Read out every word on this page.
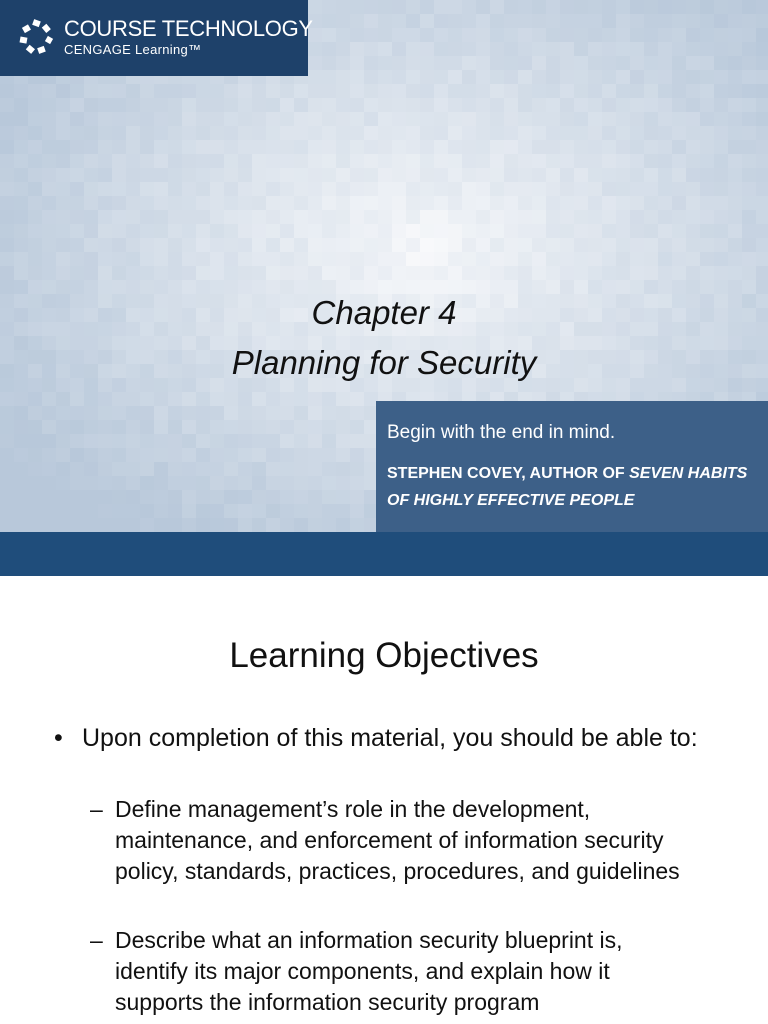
COURSE TECHNOLOGY
CENGAGE Learning™
Chapter 4
Planning for Security
Begin with the end in mind.
STEPHEN COVEY, AUTHOR OF SEVEN HABITS OF HIGHLY EFFECTIVE PEOPLE
Learning Objectives
• Upon completion of this material, you should be able to:
– Define management’s role in the development, maintenance, and enforcement of information security policy, standards, practices, procedures, and guidelines
– Describe what an information security blueprint is, identify its major components, and explain how it supports the information security program
